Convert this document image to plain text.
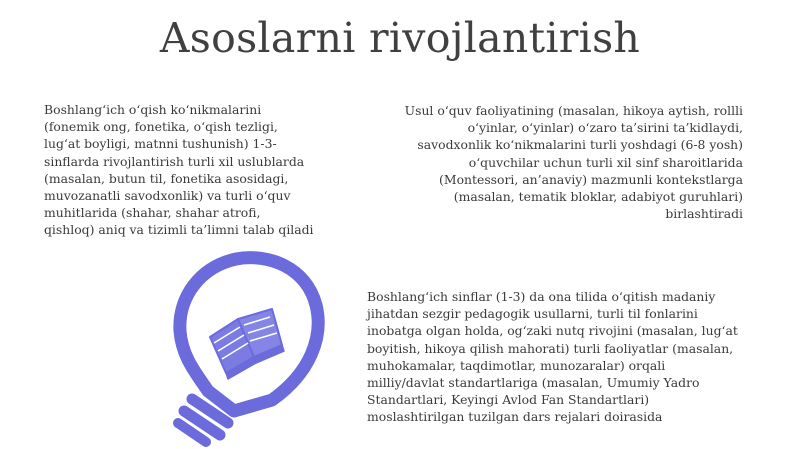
Asoslarni rivojlantirish

Boshlang‘ich o‘qish ko‘nikmalarini (fonemik ong, fonetika, o‘qish tezligi, lug‘at boyligi, matnni tushunish) 1-3-sinflarda rivojlantirish turli xil uslublarda (masalan, butun til, fonetika asosidagi, muvozanatli savodxonlik) va turli o‘quv muhitlarida (shahar, shahar atrofi, qishloq) aniq va tizimli ta’limni talab qiladi

Usul o‘quv faoliyatining (masalan, hikoya aytish, rollli o‘yinlar, o‘yinlar) o‘zaro ta’sirini ta’kidlaydi, savodxonlik ko‘nikmalarini turli yoshdagi (6-8 yosh) o‘quvchilar uchun turli xil sinf sharoitlarida (Montessori, an’anaviy) mazmunli kontekstlarga (masalan, tematik bloklar, adabiyot guruhlari) birlashtiradi

Boshlang‘ich sinflar (1-3) da ona tilida o‘qitish madaniy jihatdan sezgir pedagogik usullarni, turli til fonlarini inobatga olgan holda, og‘zaki nutq rivojini (masalan, lug‘at boyitish, hikoya qilish mahorati) turli faoliyatlar (masalan, muhokamalar, taqdimotlar, munozaralar) orqali milliy/davlat standartlariga (masalan, Umumiy Yadro Standartlari, Keyingi Avlod Fan Standartlari) moslashtirilgan tuzilgan dars rejalari doirasida
